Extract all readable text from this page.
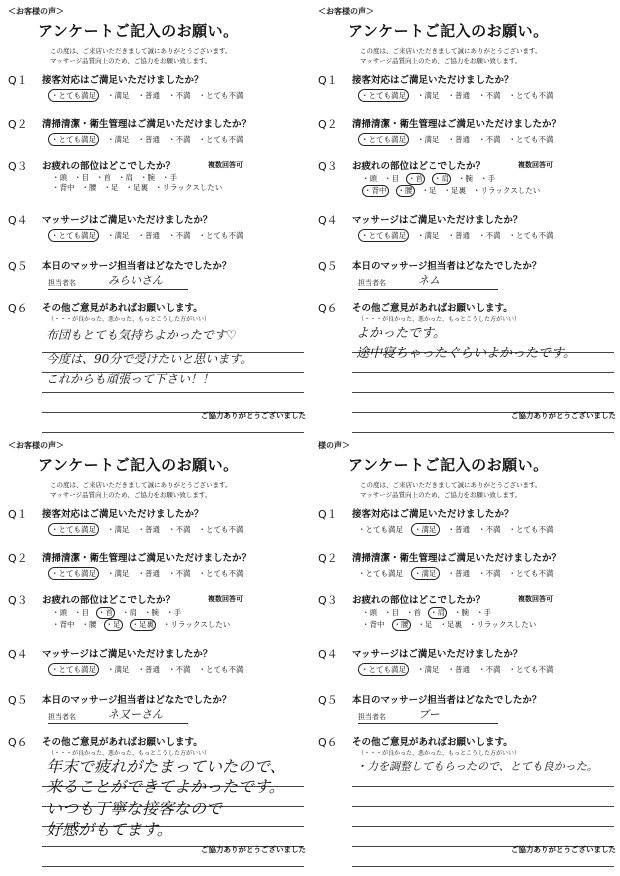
＜お客様の声＞
アンケートご記入のお願い。
この度は、ご来店いただきまして誠にありがとうございます。
マッサージ品質向上のため、ご協力をお願い致します。
Q１ 接客対応はご満足いただけましたか？
・とても満足 ・満足 ・普通 ・不満 ・とても不満
Q２ 清掃清潔・衛生管理はご満足いただけましたか？
・とても満足 ・満足 ・普通 ・不満 ・とても不満
Q３ お疲れの部位はどこでしたか？	複数回答可
・頭 ・目 ・首 ・肩 ・腕 ・手
・背中 ・腰 ・足 ・足裏 ・リラックスしたい
Q４ マッサージはご満足いただけましたか？
・とても満足 ・満足 ・普通 ・不満 ・とても不満
Q５ 本日のマッサージ担当者はどなたでしたか？
担当者名	みらいさん
Q６ その他ご意見があればお願いします。
（・・・が良かった、悪かった、もっとこうした方がいい）
布団もとても気持ちよかったです♡
今度は、90分で受けたいと思います。
これからも頑張って下さい！！
ご協力ありがとうございました
＜お客様の声＞
アンケートご記入のお願い。
この度は、ご来店いただきまして誠にありがとうございます。
マッサージ品質向上のため、ご協力をお願い致します。
Q１ 接客対応はご満足いただけましたか？
・とても満足 ・満足 ・普通 ・不満 ・とても不満
Q２ 清掃清潔・衛生管理はご満足いただけましたか？
・とても満足 ・満足 ・普通 ・不満 ・とても不満
Q３ お疲れの部位はどこでしたか？	複数回答可
・頭 ・目 ・首 ・肩 ・腕 ・手
・背中 ・腰 ・足 ・足裏 ・リラックスしたい
Q４ マッサージはご満足いただけましたか？
・とても満足 ・満足 ・普通 ・不満 ・とても不満
Q５ 本日のマッサージ担当者はどなたでしたか？
担当者名	ネム
Q６ その他ご意見があればお願いします。
（・・・が良かった、悪かった、もっとこうした方がいい）
よかったです。
途中寝ちゃったぐらいよかったです。
ご協力ありがとうございました
＜お客様の声＞
アンケートご記入のお願い。
この度は、ご来店いただきまして誠にありがとうございます。
マッサージ品質向上のため、ご協力をお願い致します。
Q１ 接客対応はご満足いただけましたか？
・とても満足 ・満足 ・普通 ・不満 ・とても不満
Q２ 清掃清潔・衛生管理はご満足いただけましたか？
・とても満足 ・満足 ・普通 ・不満 ・とても不満
Q３ お疲れの部位はどこでしたか？	複数回答可
・頭 ・目 ・首 ・肩 ・腕 ・手
・背中 ・腰 ・足 ・足裏 ・リラックスしたい
Q４ マッサージはご満足いただけましたか？
・とても満足 ・満足 ・普通 ・不満 ・とても不満
Q５ 本日のマッサージ担当者はどなたでしたか？
担当者名	ネ又ーさん
Q６ その他ご意見があればお願いします。
（・・・が良かった、悪かった、もっとこうした方がいい）
年末で疲れがたまっていたので、
来ることができてよかったです。
いつも丁寧な接客なので
好感がもてます。
ご協力ありがとうございました
様の声＞
アンケートご記入のお願い。
この度は、ご来店いただきまして誠にありがとうございます。
マッサージ品質向上のため、ご協力をお願い致します。
Q１ 接客対応はご満足いただけましたか？
・とても満足 ・満足 ・普通 ・不満 ・とても不満
Q２ 清掃清潔・衛生管理はご満足いただけましたか？
・とても満足 ・満足 ・普通 ・不満 ・とても不満
Q３ お疲れの部位はどこでしたか？	複数回答可
・頭 ・目 ・首 ・肩 ・腕 ・手
・背中 ・腰 ・足 ・足裏 ・リラックスしたい
Q４ マッサージはご満足いただけましたか？
・とても満足 ・満足 ・普通 ・不満 ・とても不満
Q５ 本日のマッサージ担当者はどなたでしたか？
担当者名	ブー
Q６ その他ご意見があればお願いします。
（・・・が良かった、悪かった、もっとこうした方がいい）
・力を調整してもらったので、とても良かった。
ご協力ありがとうございました
